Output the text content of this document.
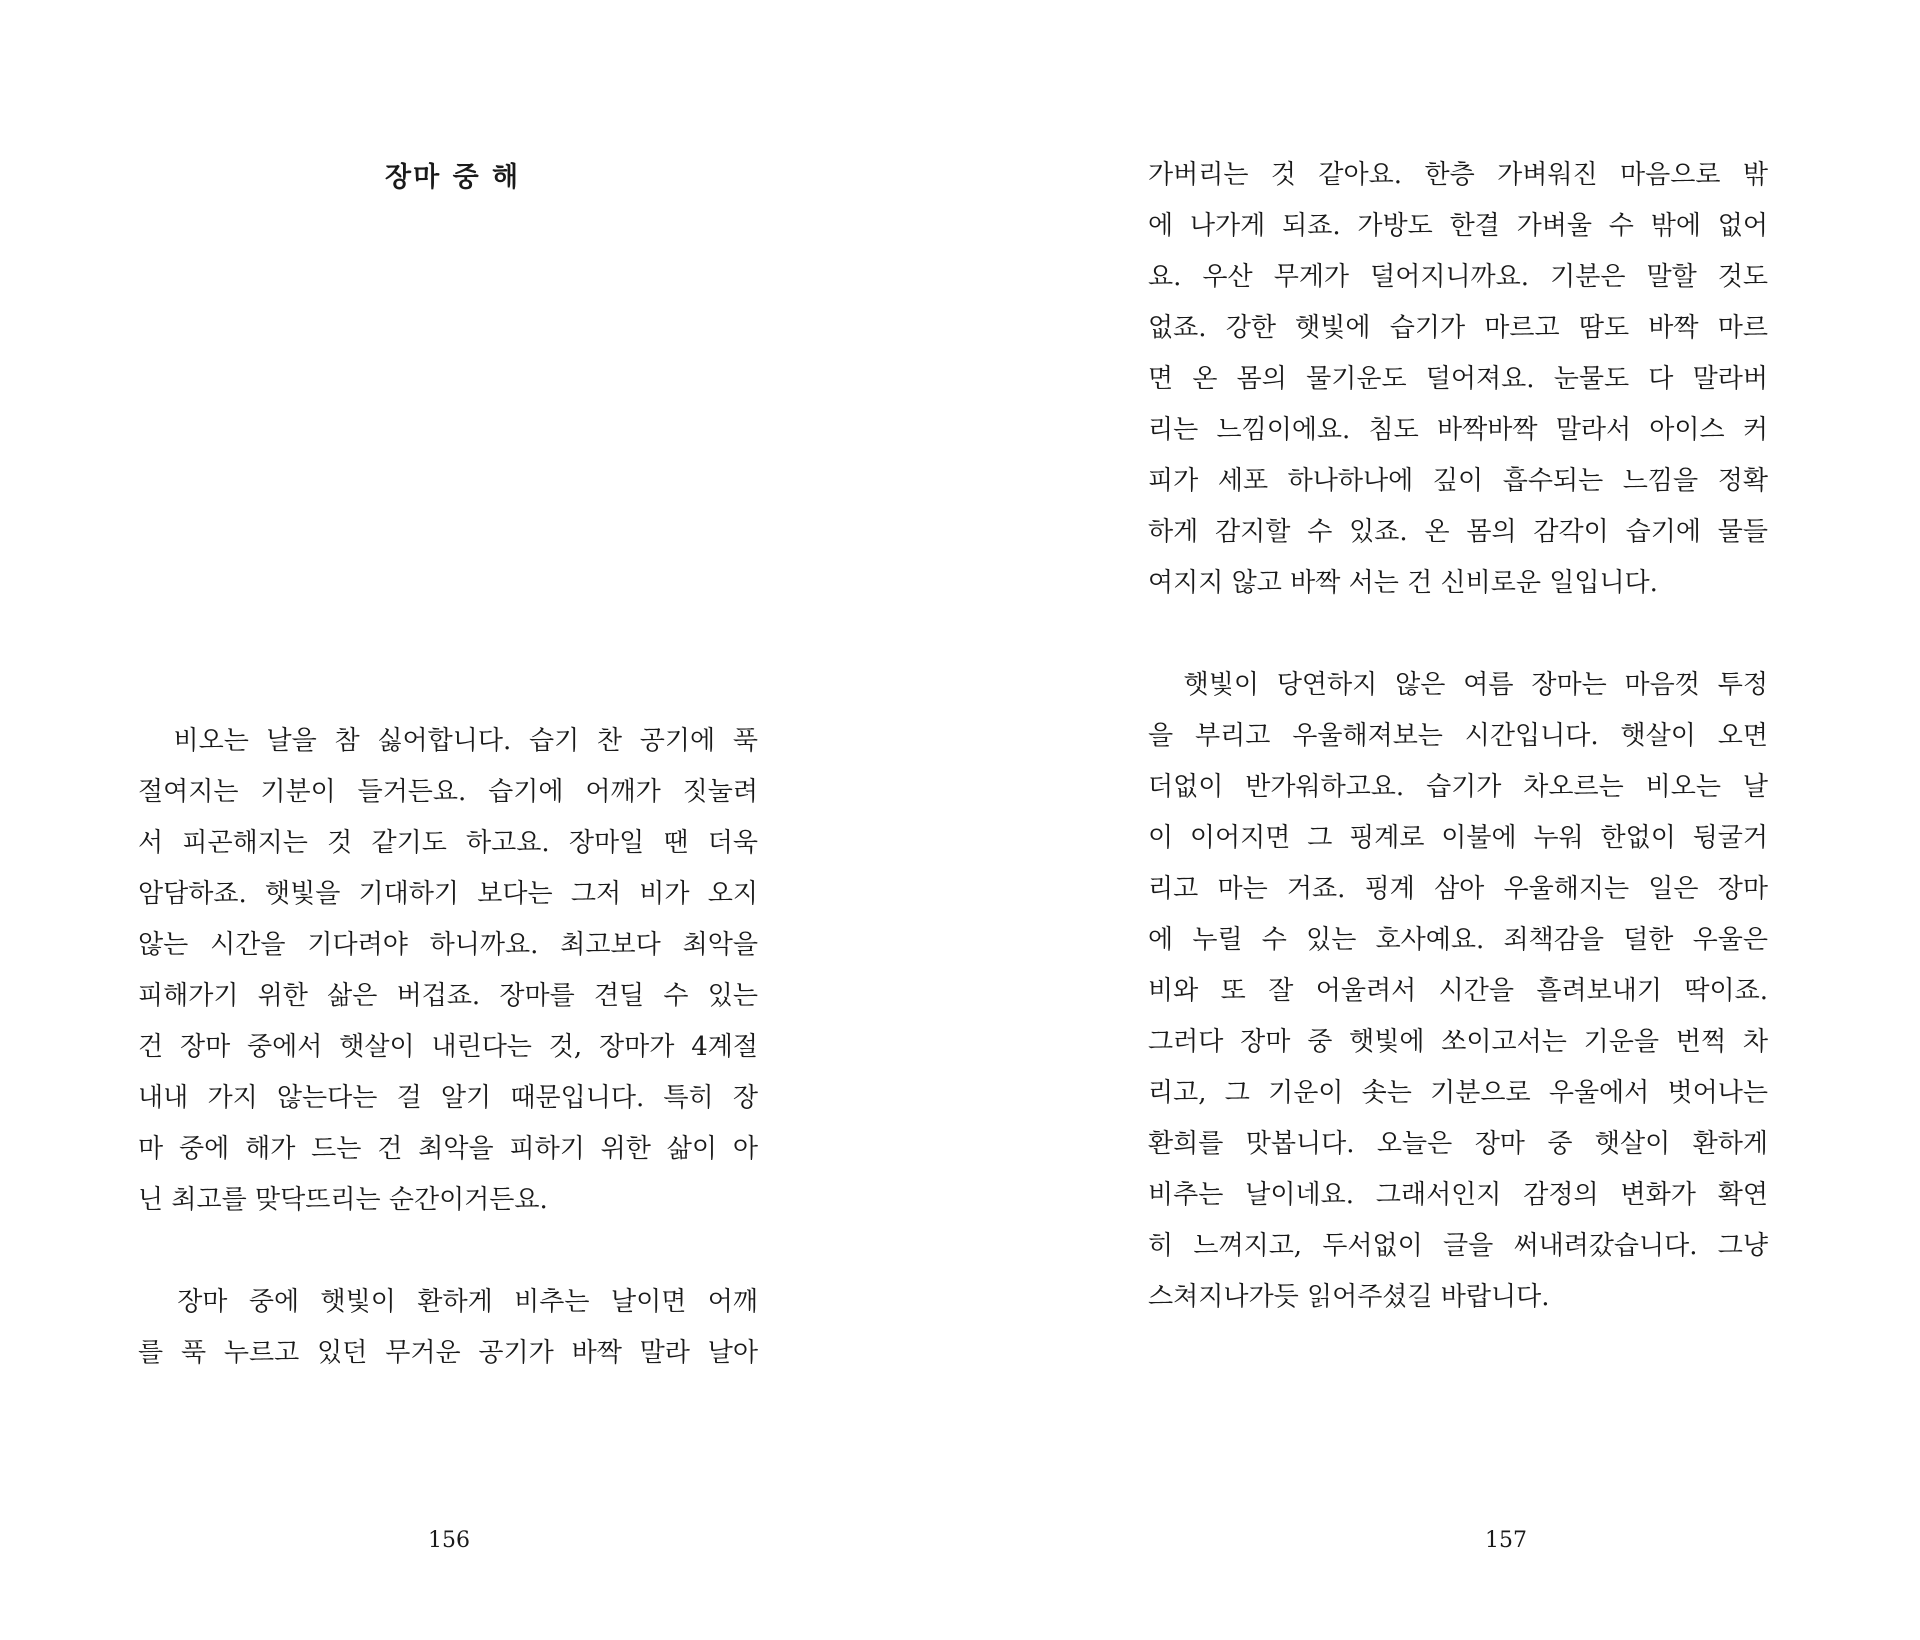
장마 중 해
　비오는 날을 참 싫어합니다. 습기 찬 공기에 푹
절여지는 기분이 들거든요. 습기에 어깨가 짓눌려
서 피곤해지는 것 같기도 하고요. 장마일 땐 더욱
암담하죠. 햇빛을 기대하기 보다는 그저 비가 오지
않는 시간을 기다려야 하니까요. 최고보다 최악을
피해가기 위한 삶은 버겁죠. 장마를 견딜 수 있는
건 장마 중에서 햇살이 내린다는 것, 장마가 4계절
내내 가지 않는다는 걸 알기 때문입니다. 특히 장
마 중에 해가 드는 건 최악을 피하기 위한 삶이 아
닌 최고를 맞닥뜨리는 순간이거든요.
　장마 중에 햇빛이 환하게 비추는 날이면 어깨
를 푹 누르고 있던 무거운 공기가 바짝 말라 날아
156
가버리는 것 같아요. 한층 가벼워진 마음으로 밖
에 나가게 되죠. 가방도 한결 가벼울 수 밖에 없어
요. 우산 무게가 덜어지니까요. 기분은 말할 것도
없죠. 강한 햇빛에 습기가 마르고 땀도 바짝 마르
면 온 몸의 물기운도 덜어져요. 눈물도 다 말라버
리는 느낌이에요. 침도 바짝바짝 말라서 아이스 커
피가 세포 하나하나에 깊이 흡수되는 느낌을 정확
하게 감지할 수 있죠. 온 몸의 감각이 습기에 물들
여지지 않고 바짝 서는 건 신비로운 일입니다.
　햇빛이 당연하지 않은 여름 장마는 마음껏 투정
을 부리고 우울해져보는 시간입니다. 햇살이 오면
더없이 반가워하고요. 습기가 차오르는 비오는 날
이 이어지면 그 핑계로 이불에 누워 한없이 뒹굴거
리고 마는 거죠. 핑계 삼아 우울해지는 일은 장마
에 누릴 수 있는 호사예요. 죄책감을 덜한 우울은
비와 또 잘 어울려서 시간을 흘려보내기 딱이죠.
그러다 장마 중 햇빛에 쏘이고서는 기운을 번쩍 차
리고, 그 기운이 솟는 기분으로 우울에서 벗어나는
환희를 맛봅니다. 오늘은 장마 중 햇살이 환하게
비추는 날이네요. 그래서인지 감정의 변화가 확연
히 느껴지고, 두서없이 글을 써내려갔습니다. 그냥
스쳐지나가듯 읽어주셨길 바랍니다.
157
